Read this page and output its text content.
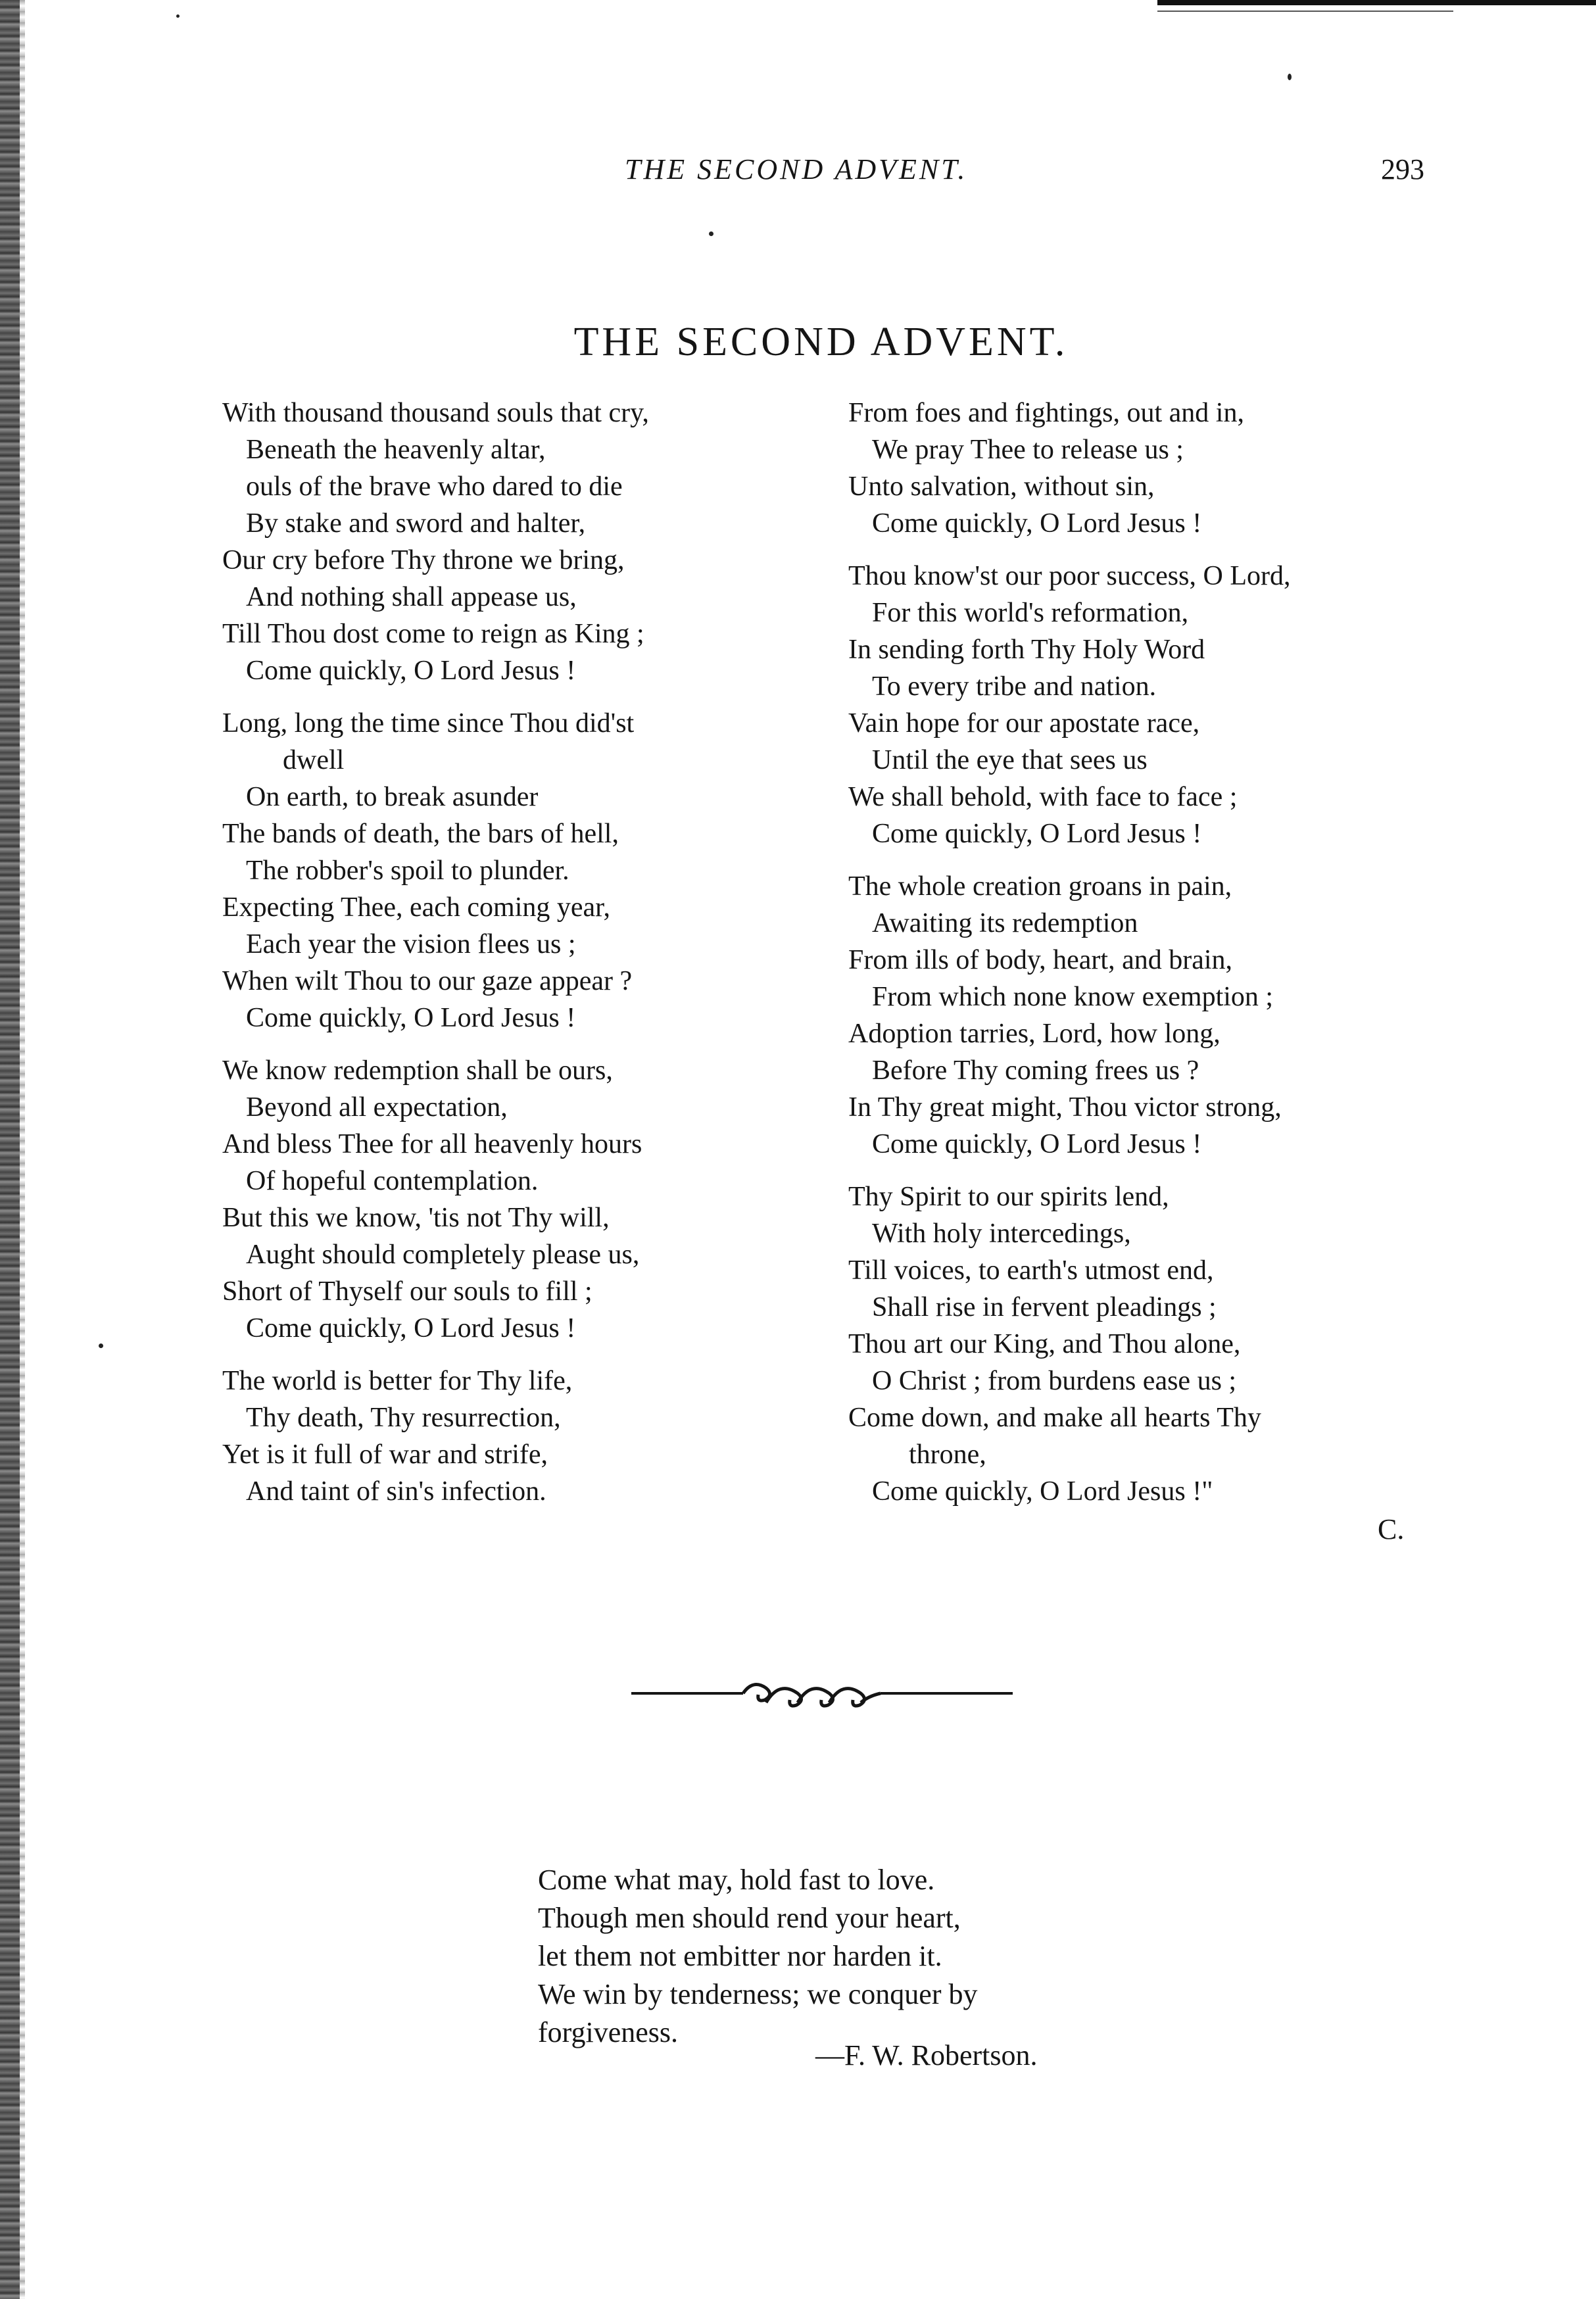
THE SECOND ADVENT.	293
THE SECOND ADVENT.
With thousand thousand souls that cry,
Beneath the heavenly altar,
ouls of the brave who dared to die
By stake and sword and halter,
Our cry before Thy throne we bring,
And nothing shall appease us,
Till Thou dost come to reign as King ;
Come quickly, O Lord Jesus !
Long, long the time since Thou did'st
dwell
On earth, to break asunder
The bands of death, the bars of hell,
The robber's spoil to plunder.
Expecting Thee, each coming year,
Each year the vision flees us ;
When wilt Thou to our gaze appear ?
Come quickly, O Lord Jesus !
We know redemption shall be ours,
Beyond all expectation,
And bless Thee for all heavenly hours
Of hopeful contemplation.
But this we know, 'tis not Thy will,
Aught should completely please us,
Short of Thyself our souls to fill ;
Come quickly, O Lord Jesus !
The world is better for Thy life,
Thy death, Thy resurrection,
Yet is it full of war and strife,
And taint of sin's infection.
From foes and fightings, out and in,
We pray Thee to release us ;
Unto salvation, without sin,
Come quickly, O Lord Jesus !
Thou know'st our poor success, O Lord,
For this world's reformation,
In sending forth Thy Holy Word
To every tribe and nation.
Vain hope for our apostate race,
Until the eye that sees us
We shall behold, with face to face ;
Come quickly, O Lord Jesus !
The whole creation groans in pain,
Awaiting its redemption
From ills of body, heart, and brain,
From which none know exemption ;
Adoption tarries, Lord, how long,
Before Thy coming frees us ?
In Thy great might, Thou victor strong,
Come quickly, O Lord Jesus !
Thy Spirit to our spirits lend,
With holy intercedings,
Till voices, to earth's utmost end,
Shall rise in fervent pleadings ;
Thou art our King, and Thou alone,
O Christ ; from burdens ease us ;
Come down, and make all hearts Thy
throne,
Come quickly, O Lord Jesus !"
C.
Come what may, hold fast to love.
Though men should rend your heart,
let them not embitter nor harden it.
We win by tenderness; we conquer by
forgiveness.
—F. W. Robertson.
